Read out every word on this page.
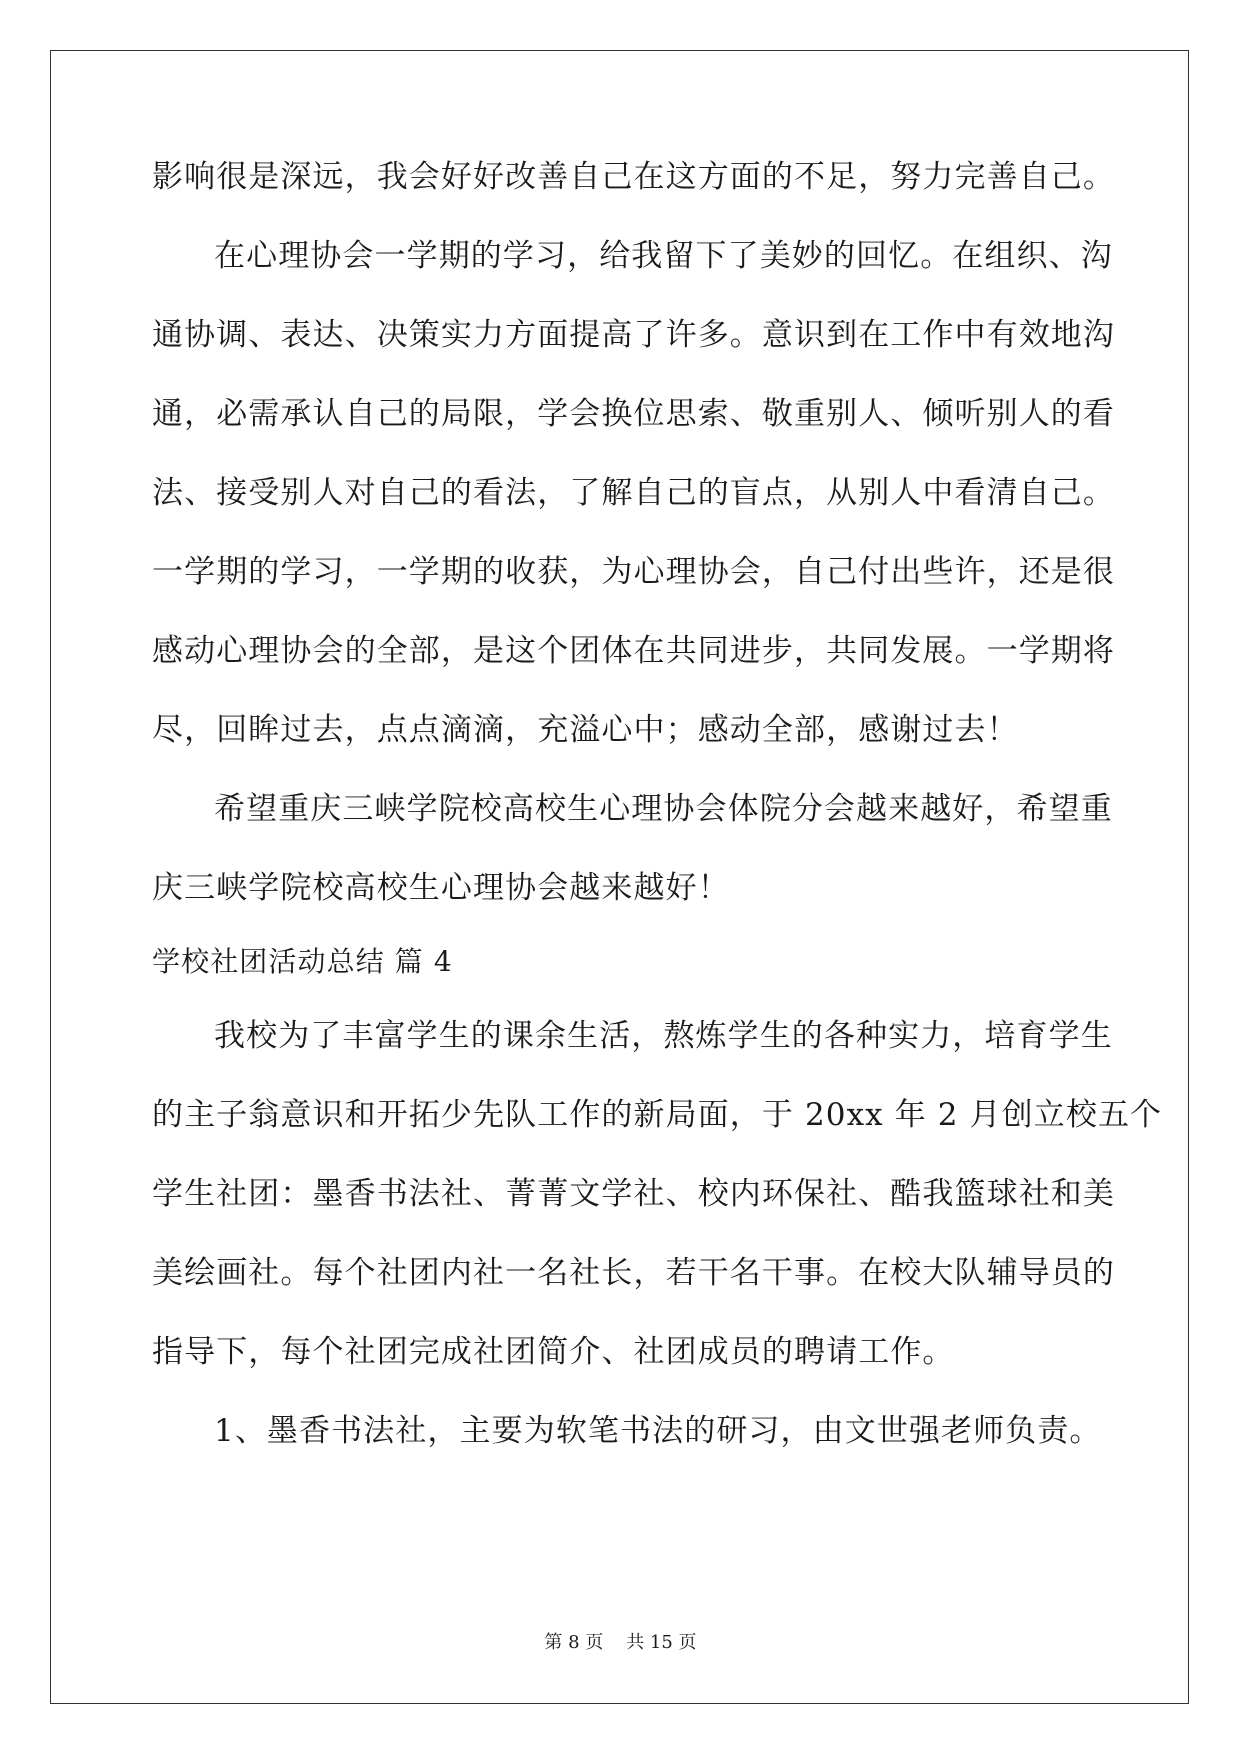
影响很是深远，我会好好改善自己在这方面的不足，努力完善自己。
在心理协会一学期的学习，给我留下了美妙的回忆。在组织、沟
通协调、表达、决策实力方面提高了许多。意识到在工作中有效地沟
通，必需承认自己的局限，学会换位思索、敬重别人、倾听别人的看
法、接受别人对自己的看法，了解自己的盲点，从别人中看清自己。
一学期的学习，一学期的收获，为心理协会，自己付出些许，还是很
感动心理协会的全部，是这个团体在共同进步，共同发展。一学期将
尽，回眸过去，点点滴滴，充溢心中；感动全部，感谢过去！
希望重庆三峡学院校高校生心理协会体院分会越来越好，希望重
庆三峡学院校高校生心理协会越来越好！
学校社团活动总结 篇 4
我校为了丰富学生的课余生活，熬炼学生的各种实力，培育学生
的主子翁意识和开拓少先队工作的新局面，于 20xx 年 2 月创立校五个
学生社团：墨香书法社、菁菁文学社、校内环保社、酷我篮球社和美
美绘画社。每个社团内社一名社长，若干名干事。在校大队辅导员的
指导下，每个社团完成社团简介、社团成员的聘请工作。
1、墨香书法社，主要为软笔书法的研习，由文世强老师负责。
第 8 页    共 15 页
